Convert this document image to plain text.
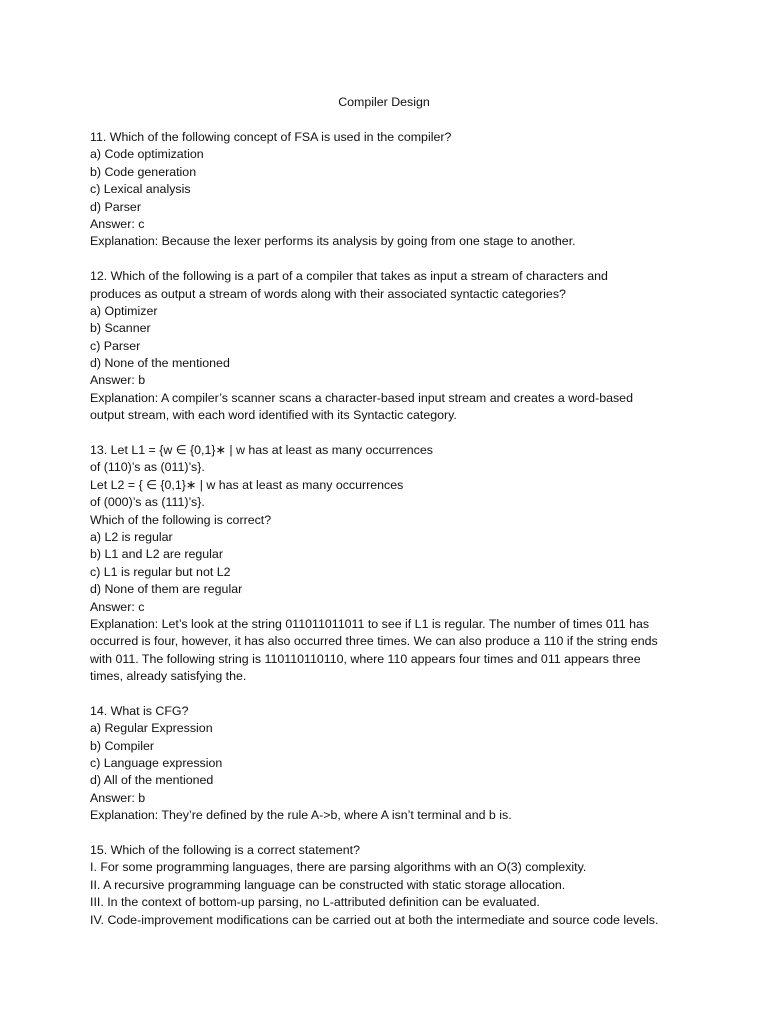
Compiler Design
11. Which of the following concept of FSA is used in the compiler?
a) Code optimization
b) Code generation
c) Lexical analysis
d) Parser
Answer: c
Explanation: Because the lexer performs its analysis by going from one stage to another.
12. Which of the following is a part of a compiler that takes as input a stream of characters and
produces as output a stream of words along with their associated syntactic categories?
a) Optimizer
b) Scanner
c) Parser
d) None of the mentioned
Answer: b
Explanation: A compiler’s scanner scans a character-based input stream and creates a word-based
output stream, with each word identified with its Syntactic category.
13. Let L1 = {w ∈ {0,1}∗ | w has at least as many occurrences
of (110)’s as (011)’s}.
Let L2 = { ∈ {0,1}∗ | w has at least as many occurrences
of (000)’s as (111)’s}.
Which of the following is correct?
a) L2 is regular
b) L1 and L2 are regular
c) L1 is regular but not L2
d) None of them are regular
Answer: c
Explanation: Let’s look at the string 011011011011 to see if L1 is regular. The number of times 011 has
occurred is four, however, it has also occurred three times. We can also produce a 110 if the string ends
with 011. The following string is 110110110110, where 110 appears four times and 011 appears three
times, already satisfying the.
14. What is CFG?
a) Regular Expression
b) Compiler
c) Language expression
d) All of the mentioned
Answer: b
Explanation: They’re defined by the rule A->b, where A isn’t terminal and b is.
15. Which of the following is a correct statement?
I. For some programming languages, there are parsing algorithms with an O(3) complexity.
II. A recursive programming language can be constructed with static storage allocation.
III. In the context of bottom-up parsing, no L-attributed definition can be evaluated.
IV. Code-improvement modifications can be carried out at both the intermediate and source code levels.
